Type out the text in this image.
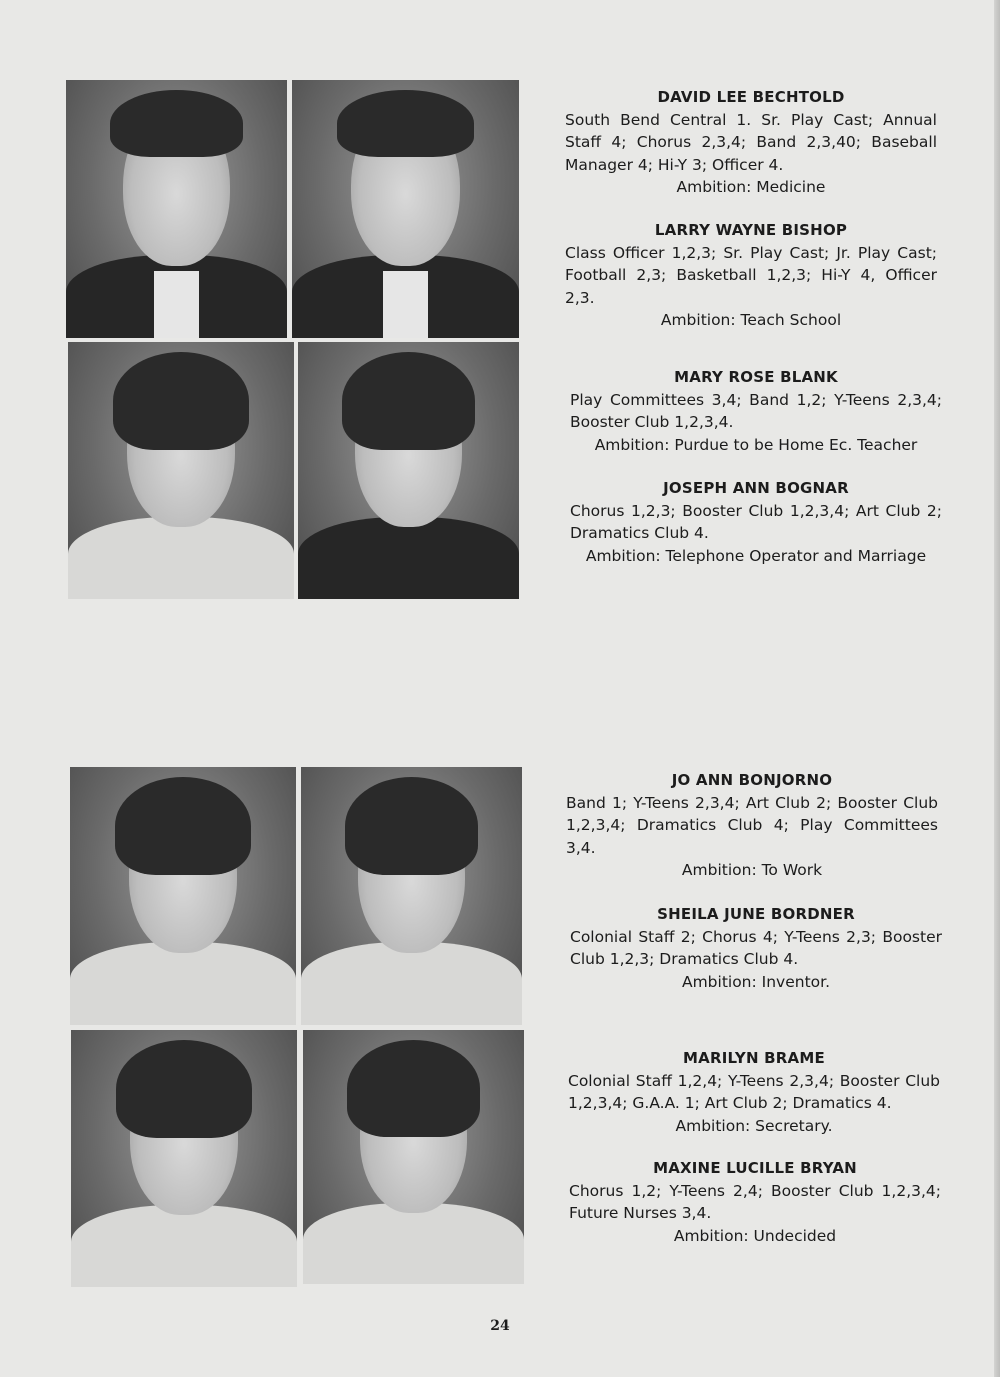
DAVID LEE BECHTOLD
South Bend Central 1. Sr. Play Cast; Annual Staff 4; Chorus 2,3,4; Band 2,3,40; Baseball Manager 4; Hi-Y 3; Officer 4.
Ambition: Medicine
LARRY WAYNE BISHOP
Class Officer 1,2,3; Sr. Play Cast; Jr. Play Cast; Football 2,3; Basketball 1,2,3; Hi-Y 4, Officer 2,3.
Ambition: Teach School
MARY ROSE BLANK
Play Committees 3,4; Band 1,2; Y-Teens 2,3,4; Booster Club 1,2,3,4.
Ambition: Purdue to be Home Ec. Teacher
JOSEPH ANN BOGNAR
Chorus 1,2,3; Booster Club 1,2,3,4; Art Club 2; Dramatics Club 4.
Ambition: Telephone Operator and Marriage
JO ANN BONJORNO
Band 1; Y-Teens 2,3,4; Art Club 2; Booster Club 1,2,3,4; Dramatics Club 4; Play Committees 3,4.
Ambition: To Work
SHEILA JUNE BORDNER
Colonial Staff 2; Chorus 4; Y-Teens 2,3; Booster Club 1,2,3; Dramatics Club 4.
Ambition: Inventor.
MARILYN BRAME
Colonial Staff 1,2,4; Y-Teens 2,3,4; Booster Club 1,2,3,4; G.A.A. 1; Art Club 2; Dramatics 4.
Ambition: Secretary.
MAXINE LUCILLE BRYAN
Chorus 1,2; Y-Teens 2,4; Booster Club 1,2,3,4; Future Nurses 3,4.
Ambition: Undecided
24
